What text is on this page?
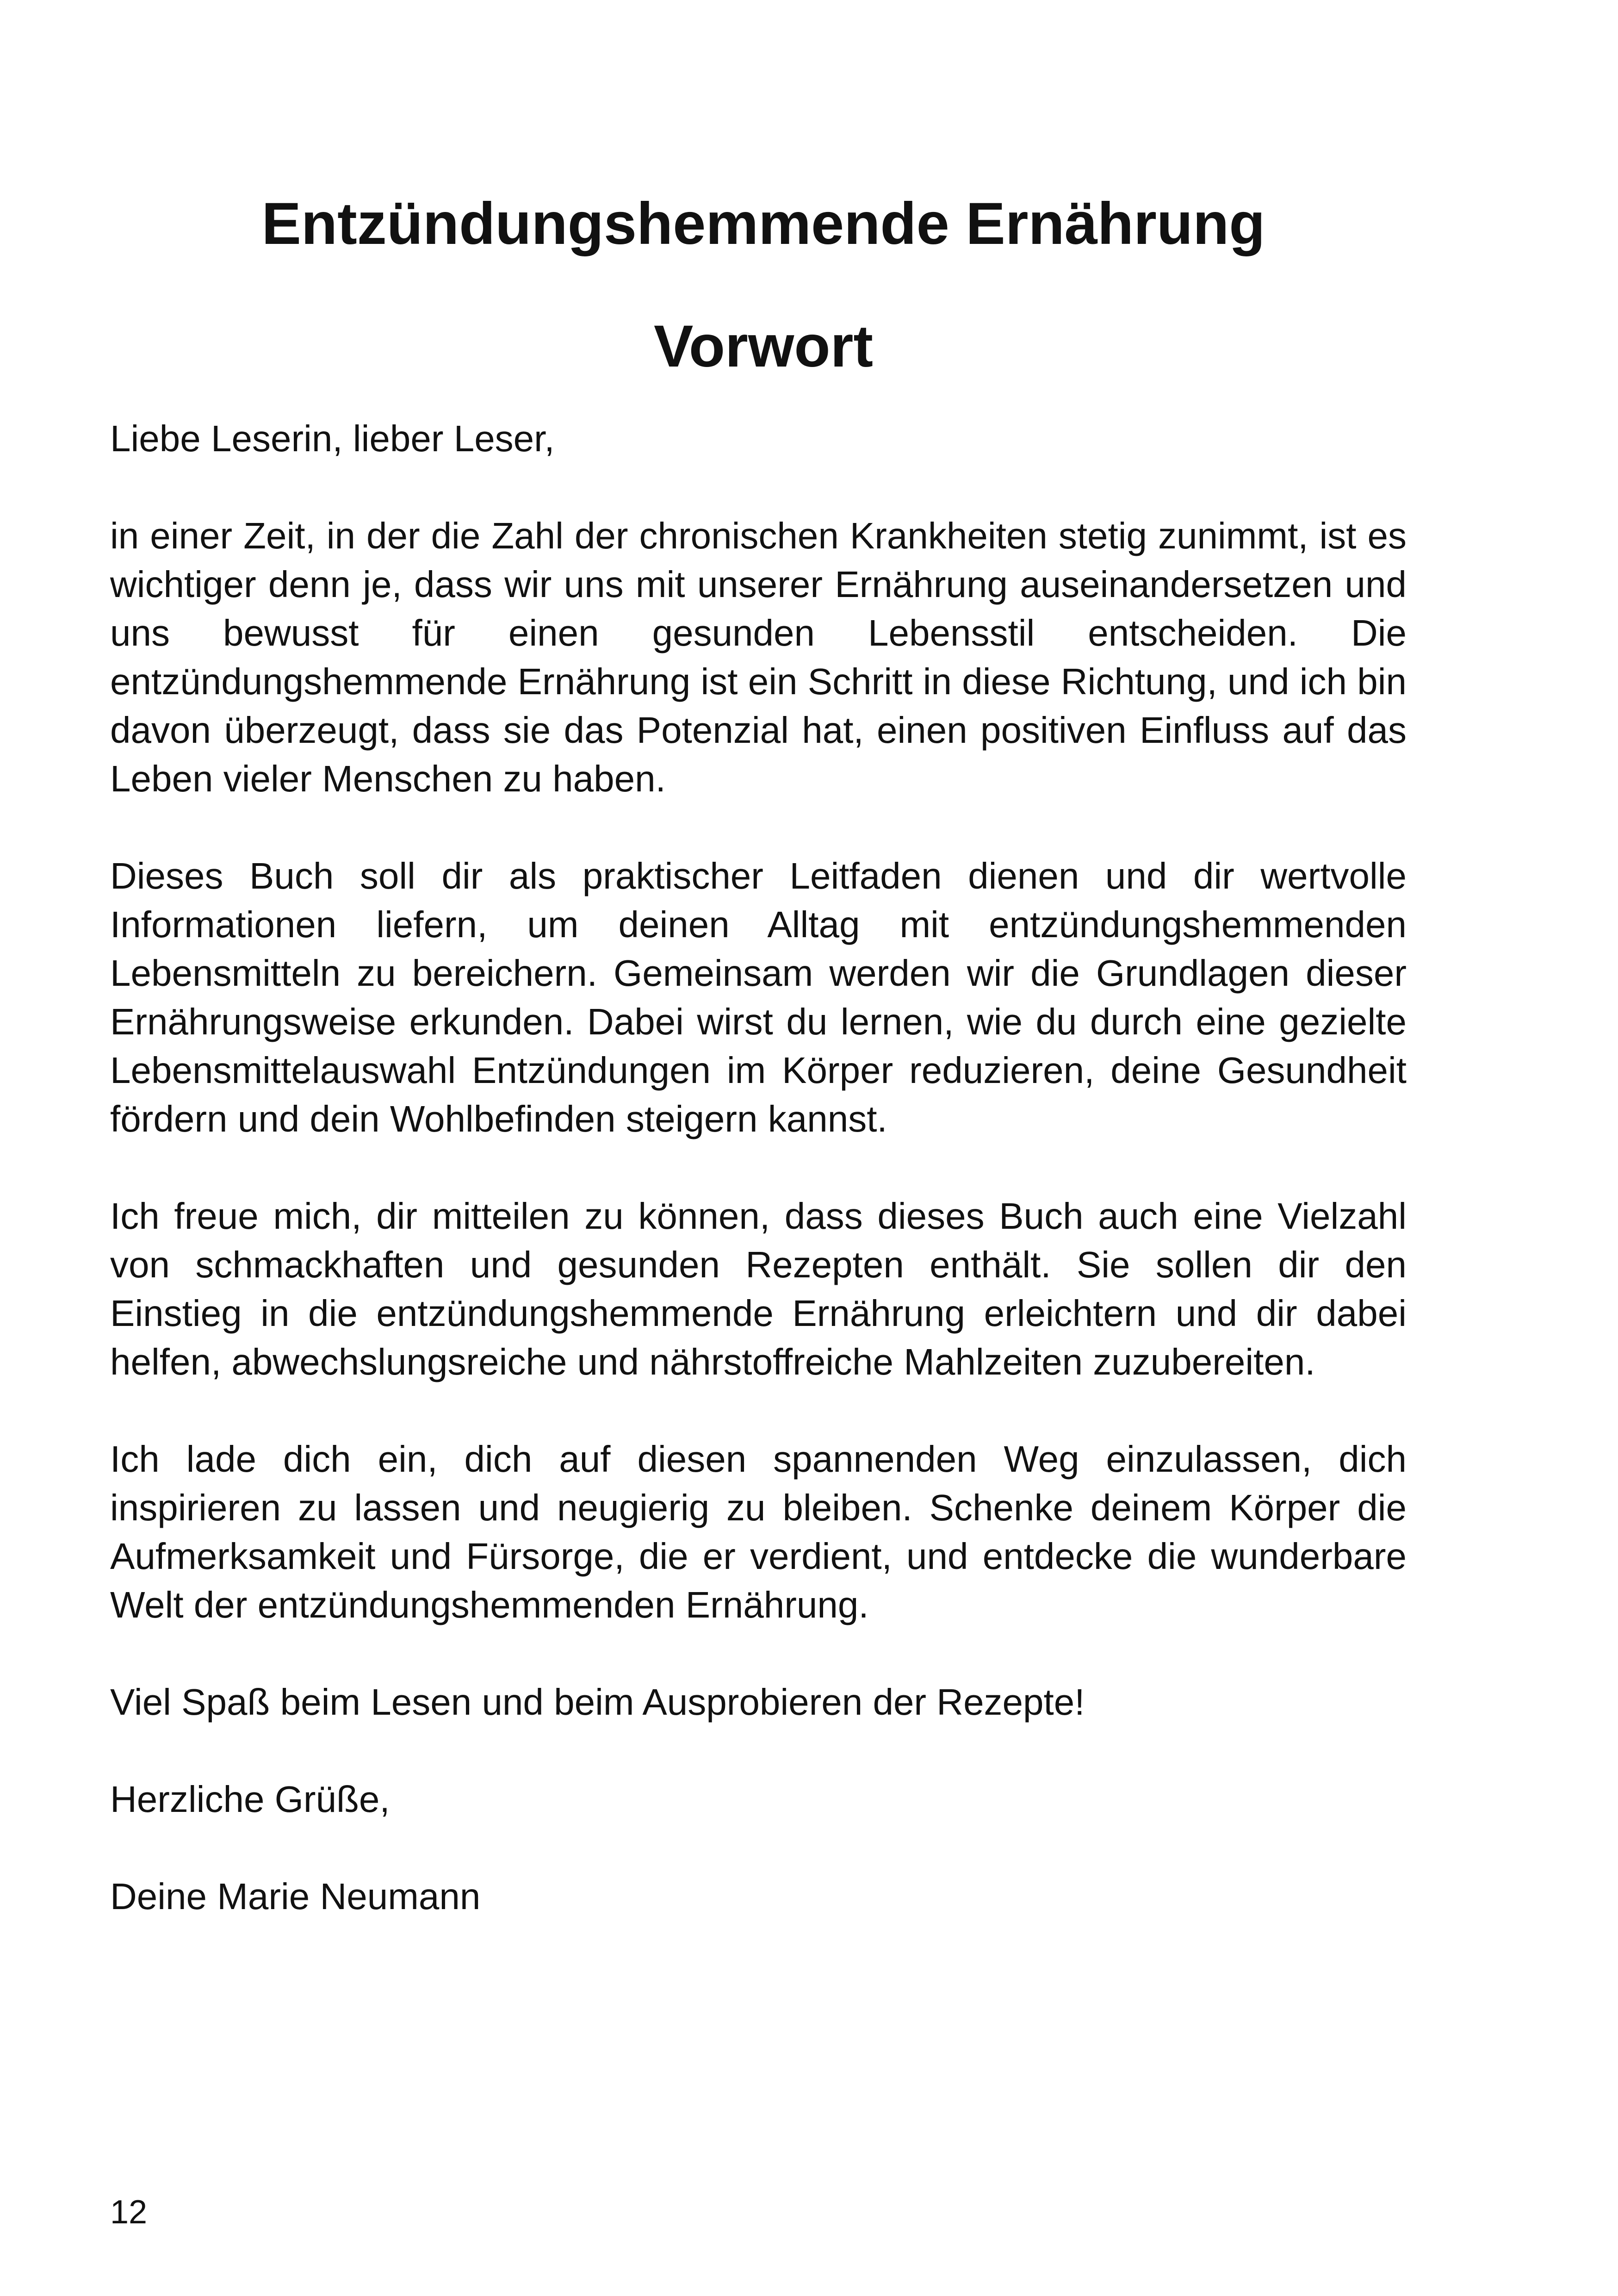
Entzündungshemmende Ernährung
Vorwort

Liebe Leserin, lieber Leser,

in einer Zeit, in der die Zahl der chronischen Krankheiten stetig zunimmt, ist es wichtiger denn je, dass wir uns mit unserer Ernährung auseinandersetzen und uns bewusst für einen gesunden Lebensstil entscheiden. Die entzündungshemmende Ernährung ist ein Schritt in diese Richtung, und ich bin davon überzeugt, dass sie das Potenzial hat, einen positiven Einfluss auf das Leben vieler Menschen zu haben.

Dieses Buch soll dir als praktischer Leitfaden dienen und dir wertvolle Informationen liefern, um deinen Alltag mit entzündungshemmenden Lebensmitteln zu bereichern. Gemeinsam werden wir die Grundlagen dieser Ernährungsweise erkunden. Dabei wirst du lernen, wie du durch eine gezielte Lebensmittelauswahl Entzündungen im Körper reduzieren, deine Gesundheit fördern und dein Wohlbefinden steigern kannst.

Ich freue mich, dir mitteilen zu können, dass dieses Buch auch eine Vielzahl von schmackhaften und gesunden Rezepten enthält. Sie sollen dir den Einstieg in die entzündungshemmende Ernährung erleichtern und dir dabei helfen, abwechslungsreiche und nährstoffreiche Mahlzeiten zuzubereiten.

Ich lade dich ein, dich auf diesen spannenden Weg einzulassen, dich inspirieren zu lassen und neugierig zu bleiben. Schenke deinem Körper die Aufmerksamkeit und Fürsorge, die er verdient, und entdecke die wunderbare Welt der entzündungshemmenden Ernährung.

Viel Spaß beim Lesen und beim Ausprobieren der Rezepte!

Herzliche Grüße,

Deine Marie Neumann

12
